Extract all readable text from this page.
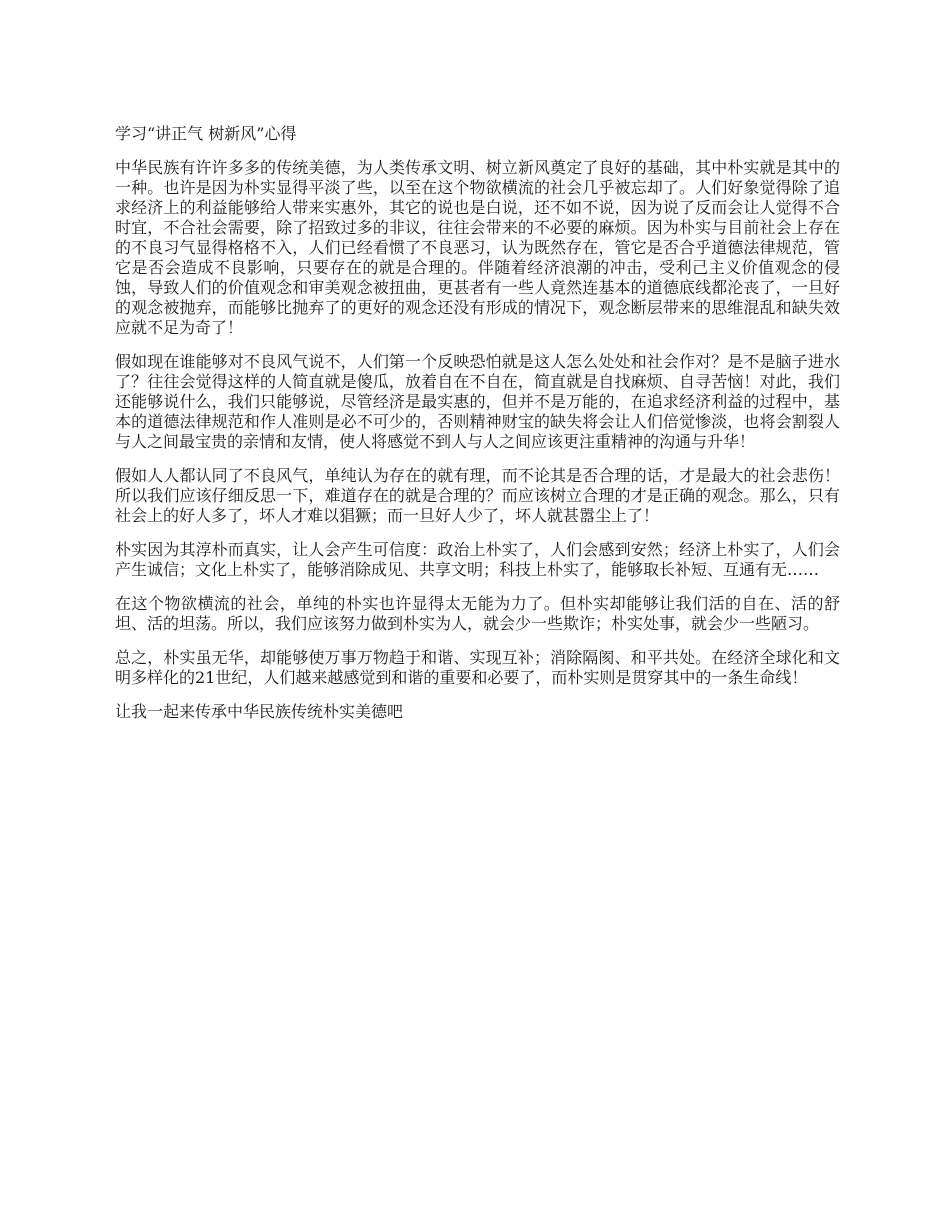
学习“讲正气 树新风”心得

中华民族有许许多多的传统美德，为人类传承文明、树立新风奠定了良好的基础，其中朴实就是其中的一种。也许是因为朴实显得平淡了些，以至在这个物欲横流的社会几乎被忘却了。人们好象觉得除了追求经济上的利益能够给人带来实惠外，其它的说也是白说，还不如不说，因为说了反而会让人觉得不合时宜，不合社会需要，除了招致过多的非议，往往会带来的不必要的麻烦。因为朴实与目前社会上存在的不良习气显得格格不入，人们已经看惯了不良恶习，认为既然存在，管它是否合乎道德法律规范，管它是否会造成不良影响，只要存在的就是合理的。伴随着经济浪潮的冲击，受利己主义价值观念的侵蚀，导致人们的价值观念和审美观念被扭曲，更甚者有一些人竟然连基本的道德底线都沦丧了，一旦好的观念被抛弃，而能够比抛弃了的更好的观念还没有形成的情况下，观念断层带来的思维混乱和缺失效应就不足为奇了！

假如现在谁能够对不良风气说不，人们第一个反映恐怕就是这人怎么处处和社会作对？是不是脑子进水了？往往会觉得这样的人简直就是傻瓜，放着自在不自在，简直就是自找麻烦、自寻苦恼！对此，我们还能够说什么，我们只能够说，尽管经济是最实惠的，但并不是万能的，在追求经济利益的过程中，基本的道德法律规范和作人准则是必不可少的，否则精神财宝的缺失将会让人们倍觉惨淡，也将会割裂人与人之间最宝贵的亲情和友情，使人将感觉不到人与人之间应该更注重精神的沟通与升华！

假如人人都认同了不良风气，单纯认为存在的就有理，而不论其是否合理的话，才是最大的社会悲伤！所以我们应该仔细反思一下，难道存在的就是合理的？而应该树立合理的才是正确的观念。那么，只有社会上的好人多了，坏人才难以猖獗；而一旦好人少了，坏人就甚嚣尘上了！

朴实因为其淳朴而真实，让人会产生可信度：政治上朴实了，人们会感到安然；经济上朴实了，人们会产生诚信；文化上朴实了，能够消除成见、共享文明；科技上朴实了，能够取长补短、互通有无……

在这个物欲横流的社会，单纯的朴实也许显得太无能为力了。但朴实却能够让我们活的自在、活的舒坦、活的坦荡。所以，我们应该努力做到朴实为人，就会少一些欺诈；朴实处事，就会少一些陋习。

总之，朴实虽无华，却能够使万事万物趋于和谐、实现互补；消除隔阂、和平共处。在经济全球化和文明多样化的21世纪，人们越来越感觉到和谐的重要和必要了，而朴实则是贯穿其中的一条生命线！

让我一起来传承中华民族传统朴实美德吧
